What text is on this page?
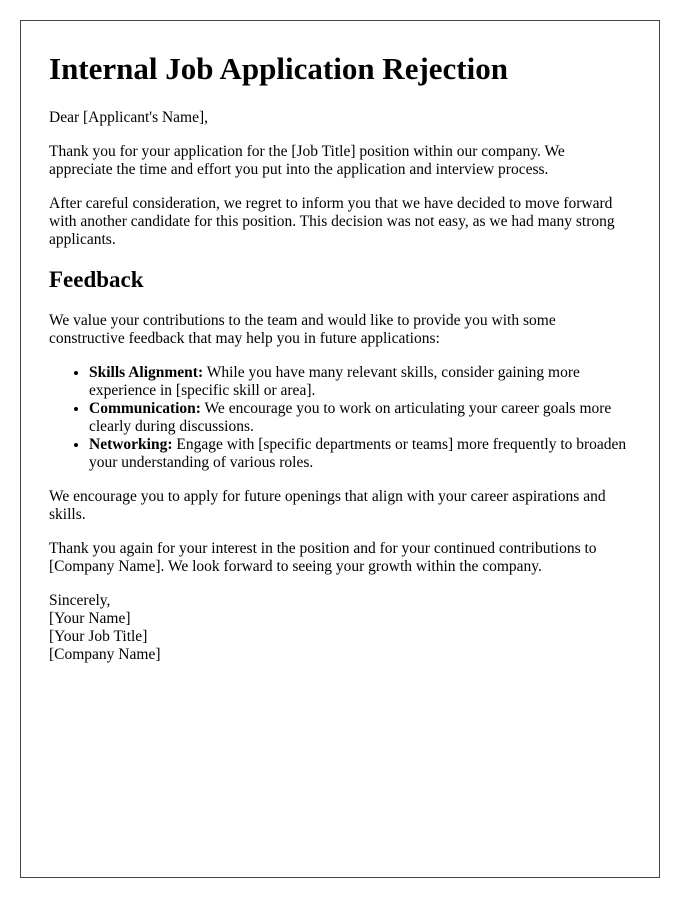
Internal Job Application Rejection

Dear [Applicant's Name],

Thank you for your application for the [Job Title] position within our company. We appreciate the time and effort you put into the application and interview process.

After careful consideration, we regret to inform you that we have decided to move forward with another candidate for this position. This decision was not easy, as we had many strong applicants.

Feedback

We value your contributions to the team and would like to provide you with some constructive feedback that may help you in future applications:

• Skills Alignment: While you have many relevant skills, consider gaining more experience in [specific skill or area].
• Communication: We encourage you to work on articulating your career goals more clearly during discussions.
• Networking: Engage with [specific departments or teams] more frequently to broaden your understanding of various roles.

We encourage you to apply for future openings that align with your career aspirations and skills.

Thank you again for your interest in the position and for your continued contributions to [Company Name]. We look forward to seeing your growth within the company.

Sincerely,
[Your Name]
[Your Job Title]
[Company Name]
